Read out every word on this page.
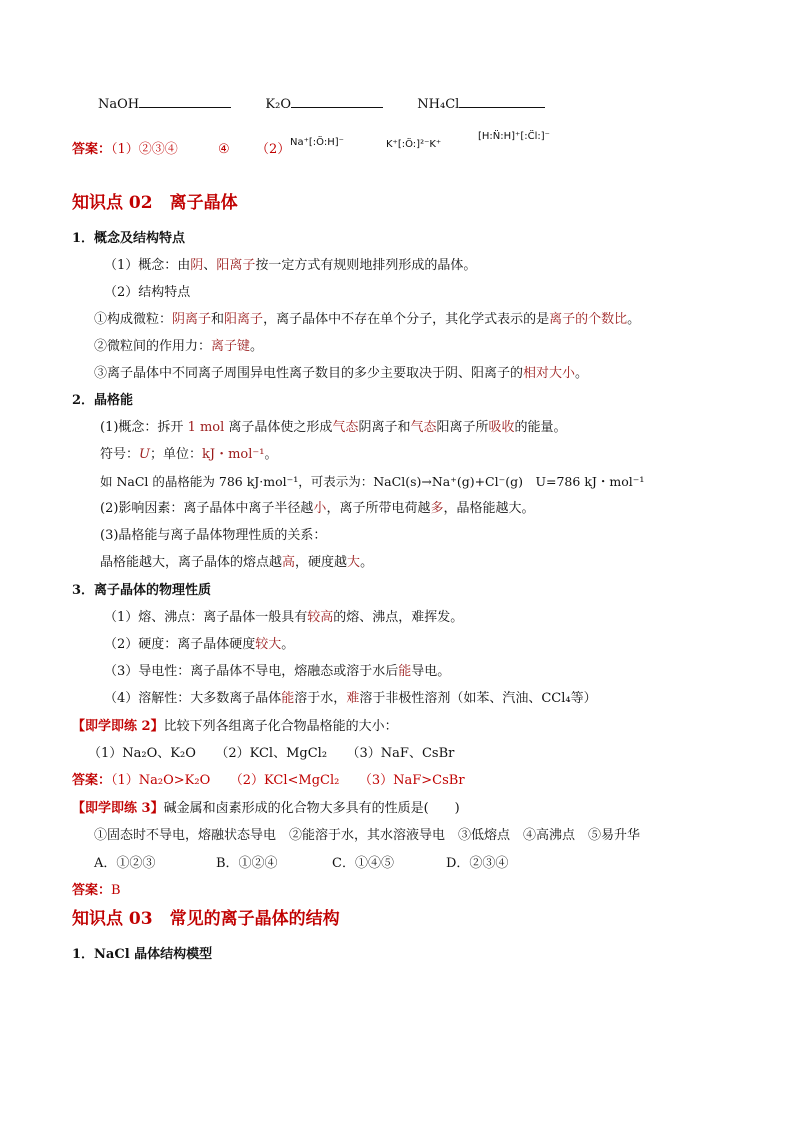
NaOH	K₂O	NH₄Cl
答案：（1）②③④	④ （2） Na⁺[:Ö:H]⁻	K⁺[:Ö:]²⁻K⁺
[H:N̈:H]⁺[:C̈l:]⁻
知识点 02　离子晶体
1．概念及结构特点
（1）概念：由阴、阳离子按一定方式有规则地排列形成的晶体。
（2）结构特点
①构成微粒：阴离子和阳离子，离子晶体中不存在单个分子，其化学式表示的是离子的个数比。
②微粒间的作用力：离子键。
③离子晶体中不同离子周围异电性离子数目的多少主要取决于阴、阳离子的相对大小。
2．晶格能
(1)概念：拆开 1 mol 离子晶体使之形成气态阴离子和气态阳离子所吸收的能量。
符号：U；单位：kJ・mol⁻¹。
如 NaCl 的晶格能为 786 kJ·mol⁻¹，可表示为：NaCl(s)→Na⁺(g)+Cl⁻(g)　U=786 kJ・mol⁻¹
(2)影响因素：离子晶体中离子半径越小，离子所带电荷越多，晶格能越大。
(3)晶格能与离子晶体物理性质的关系：
晶格能越大，离子晶体的熔点越高，硬度越大。
3．离子晶体的物理性质
（1）熔、沸点：离子晶体一般具有较高的熔、沸点，难挥发。
（2）硬度：离子晶体硬度较大。
（3）导电性：离子晶体不导电，熔融态或溶于水后能导电。
（4）溶解性：大多数离子晶体能溶于水，难溶于非极性溶剂（如苯、汽油、CCl₄等）
【即学即练 2】比较下列各组离子化合物晶格能的大小：
（1）Na₂O、K₂O　　（2）KCl、MgCl₂　　（3）NaF、CsBr
答案：（1）Na₂O>K₂O　　（2）KCl<MgCl₂　　（3）NaF>CsBr
【即学即练 3】碱金属和卤素形成的化合物大多具有的性质是(　　)
①固态时不导电，熔融状态导电　②能溶于水，其水溶液导电　③低熔点　④高沸点　⑤易升华
A．①②③	B．①②④	C．①④⑤	D．②③④
答案：B
知识点 03　常见的离子晶体的结构
1．NaCl 晶体结构模型
